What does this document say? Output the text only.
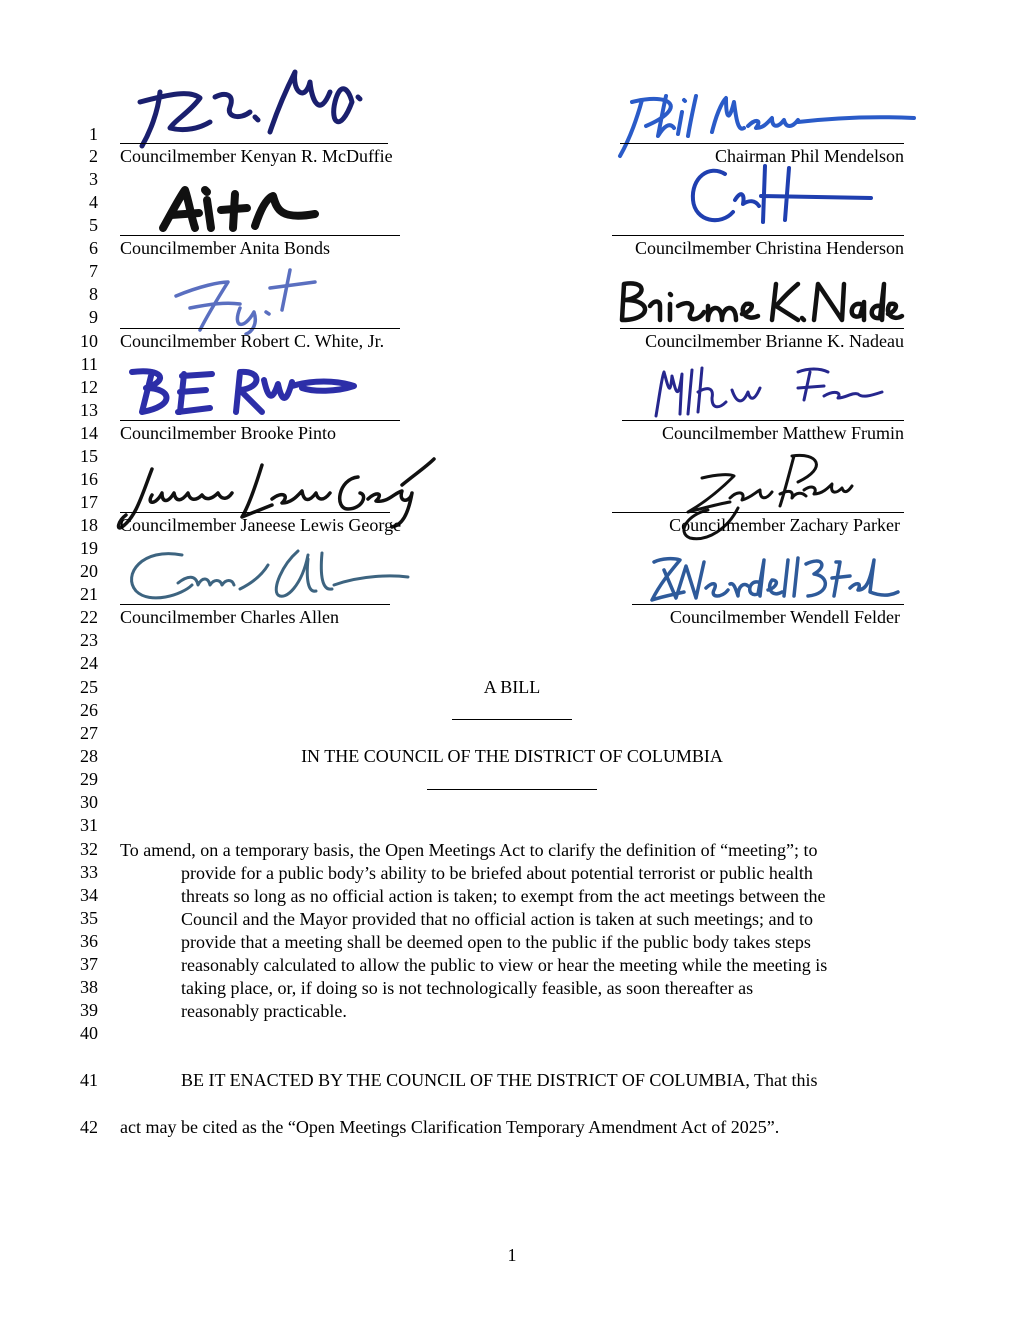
1
2
3
4
5
6
7
8
9
10
11
12
13
14
15
16
17
18
19
20
21
22
23
24
25
26
27
28
29
30
31
32
33
34
35
36
37
38
39
40
41
42
Councilmember Kenyan R. McDuffie
Councilmember Anita Bonds
Councilmember Robert C. White, Jr.
Councilmember Brooke Pinto
Councilmember Janeese Lewis George
Councilmember Charles Allen
Chairman Phil Mendelson
Councilmember Christina Henderson
Councilmember Brianne K. Nadeau
Councilmember Matthew Frumin
Councilmember Zachary Parker
Councilmember Wendell Felder
A BILL
IN THE COUNCIL OF THE DISTRICT OF COLUMBIA
To amend, on a temporary basis, the Open Meetings Act to clarify the definition of “meeting”; to
provide for a public body’s ability to be briefed about potential terrorist or public health
threats so long as no official action is taken; to exempt from the act meetings between the
Council and the Mayor provided that no official action is taken at such meetings; and to
provide that a meeting shall be deemed open to the public if the public body takes steps
reasonably calculated to allow the public to view or hear the meeting while the meeting is
taking place, or, if doing so is not technologically feasible, as soon thereafter as
reasonably practicable.
BE IT ENACTED BY THE COUNCIL OF THE DISTRICT OF COLUMBIA, That this
act may be cited as the “Open Meetings Clarification Temporary Amendment Act of 2025”.
1
